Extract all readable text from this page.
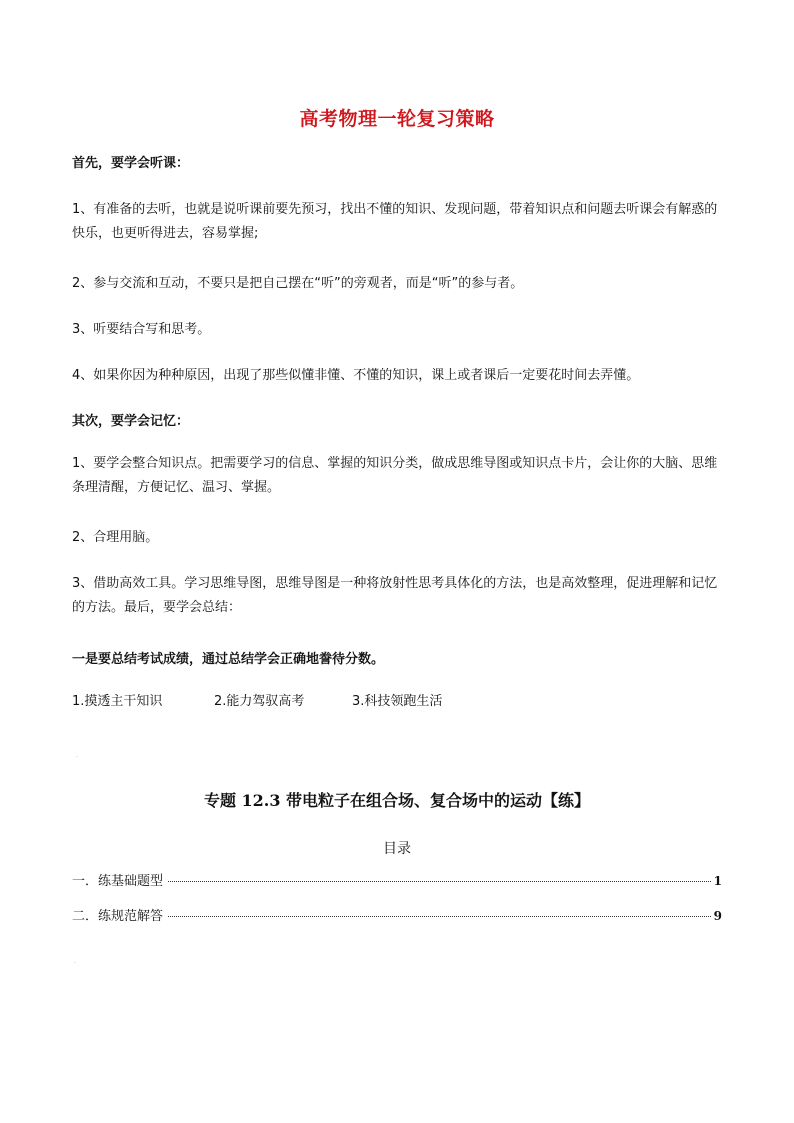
高考物理一轮复习策略
首先，要学会听课：
1、有准备的去听，也就是说听课前要先预习，找出不懂的知识、发现问题，带着知识点和问题去听课会有解惑的快乐，也更听得进去，容易掌握;
2、参与交流和互动，不要只是把自己摆在“听”的旁观者，而是“听”的参与者。
3、听要结合写和思考。
4、如果你因为种种原因，出现了那些似懂非懂、不懂的知识，课上或者课后一定要花时间去弄懂。
其次，要学会记忆：
1、要学会整合知识点。把需要学习的信息、掌握的知识分类，做成思维导图或知识点卡片，会让你的大脑、思维条理清醒，方便记忆、温习、掌握。
2、合理用脑。
3、借助高效工具。学习思维导图，思维导图是一种将放射性思考具体化的方法，也是高效整理，促进理解和记忆的方法。最后，要学会总结：
一是要总结考试成绩，通过总结学会正确地誊待分数。
1.摸透主干知识	2.能力驾驭高考	3.科技领跑生活
.
专题 12.3 带电粒子在组合场、复合场中的运动【练】
目录
一．练基础题型	1
二．练规范解答	9
.
